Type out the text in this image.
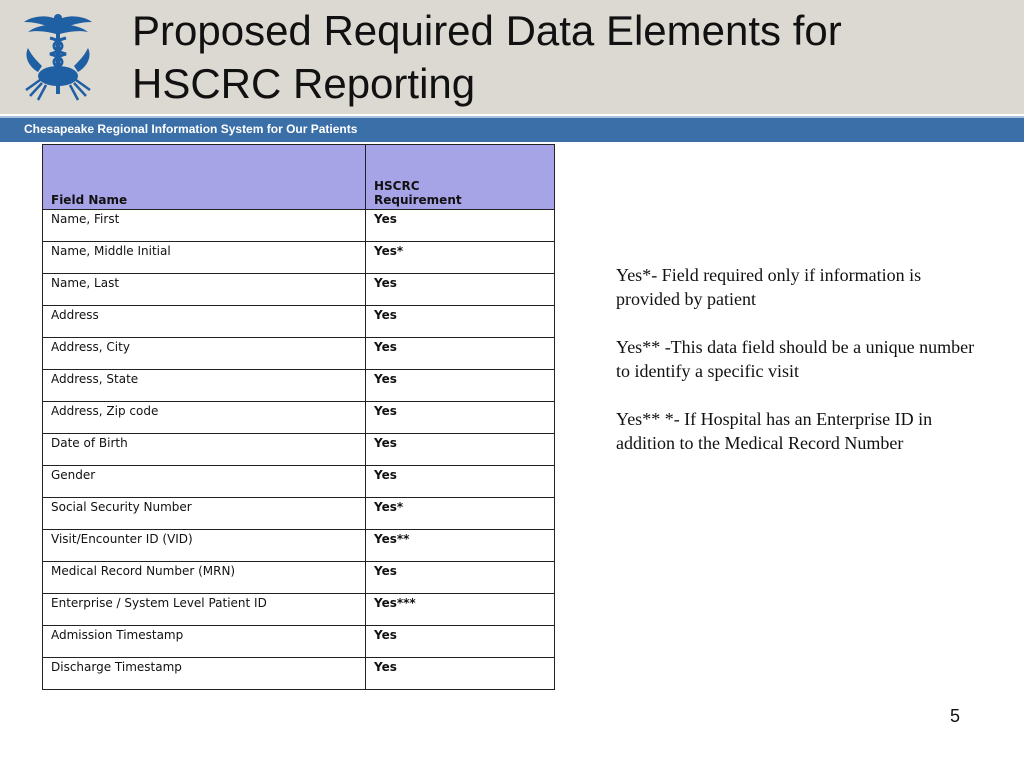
Proposed Required Data Elements for
HSCRC Reporting
Chesapeake Regional Information System for Our Patients
Field Name	HSCRC
Requirement

Name, First	Yes
Name, Middle Initial	Yes*
Name, Last	Yes
Address	Yes
Address, City	Yes
Address, State	Yes
Address, Zip code	Yes
Date of Birth	Yes
Gender	Yes
Social Security Number	Yes*
Visit/Encounter ID (VID)	Yes**
Medical Record Number (MRN)	Yes
Enterprise / System Level Patient ID	Yes***
Admission Timestamp	Yes
Discharge Timestamp	Yes

Yes*- Field required only if information is provided by patient

Yes** -This data field should be a unique number to identify a specific visit

Yes** *- If Hospital has an Enterprise ID in addition to the Medical Record Number

5
